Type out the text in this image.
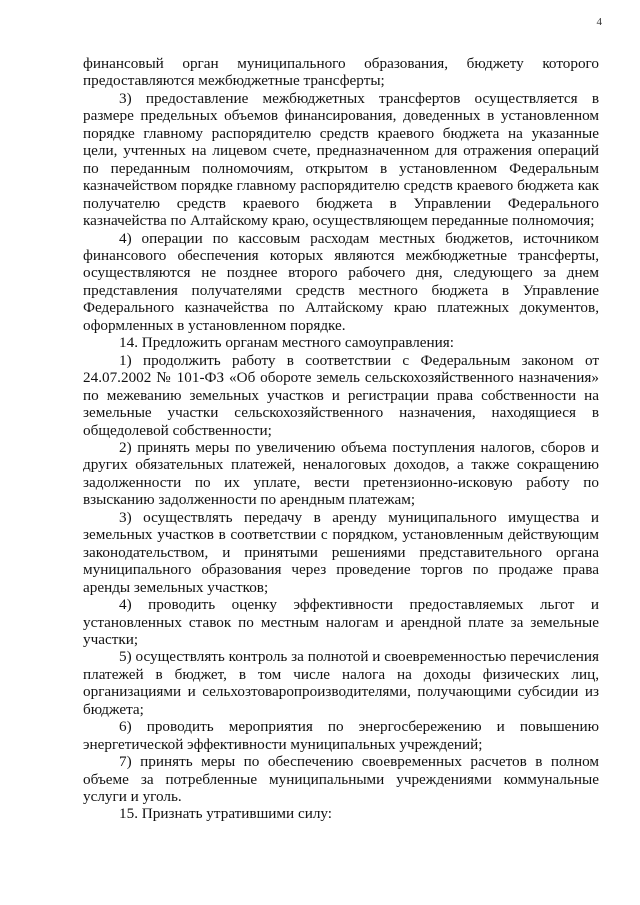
4

финансовый орган муниципального образования, бюджету которого предоставляются межбюджетные трансферты;

3) предоставление межбюджетных трансфертов осуществляется в размере предельных объемов финансирования, доведенных в установленном порядке главному распорядителю средств краевого бюджета на указанные цели, учтенных на лицевом счете, предназначенном для отражения операций по переданным полномочиям, открытом в установленном Федеральным казначейством порядке главному распорядителю средств краевого бюджета как получателю средств краевого бюджета в Управлении Федерального казначейства по Алтайскому краю, осуществляющем переданные полномочия;

4) операции по кассовым расходам местных бюджетов, источником финансового обеспечения которых являются межбюджетные трансферты, осуществляются не позднее второго рабочего дня, следующего за днем представления получателями средств местного бюджета в Управление Федерального казначейства по Алтайскому краю платежных документов, оформленных в установленном порядке.

14. Предложить органам местного самоуправления:

1) продолжить работу в соответствии с Федеральным законом от 24.07.2002 № 101-ФЗ «Об обороте земель сельскохозяйственного назначения» по межеванию земельных участков и регистрации права собственности на земельные участки сельскохозяйственного назначения, находящиеся в общедолевой собственности;

2) принять меры по увеличению объема поступления налогов, сборов и других обязательных платежей, неналоговых доходов, а также сокращению задолженности по их уплате, вести претензионно-исковую работу по взысканию задолженности по арендным платежам;

3) осуществлять передачу в аренду муниципального имущества и земельных участков в соответствии с порядком, установленным действующим законодательством, и принятыми решениями представительного органа муниципального образования через проведение торгов по продаже права аренды земельных участков;

4) проводить оценку эффективности предоставляемых льгот и установленных ставок по местным налогам и арендной плате за земельные участки;

5) осуществлять контроль за полнотой и своевременностью перечисления платежей в бюджет, в том числе налога на доходы физических лиц, организациями и сельхозтоваропроизводителями, получающими субсидии из бюджета;

6) проводить мероприятия по энергосбережению и повышению энергетической эффективности муниципальных учреждений;

7) принять меры по обеспечению своевременных расчетов в полном объеме за потребленные муниципальными учреждениями коммунальные услуги и уголь.

15. Признать утратившими силу:
